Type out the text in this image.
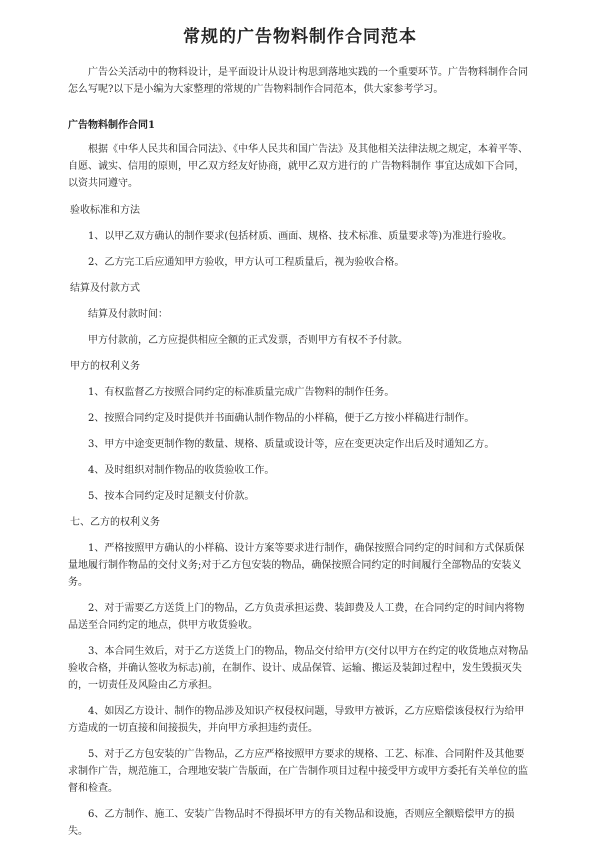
常规的广告物料制作合同范本

广告公关活动中的物料设计，是平面设计从设计构思到落地实践的一个重要环节。广告物料制作合同怎么写呢?以下是小编为大家整理的常规的广告物料制作合同范本，供大家参考学习。

广告物料制作合同1

根据《中华人民共和国合同法》、《中华人民共和国广告法》及其他相关法律法规之规定，本着平等、自愿、诚实、信用的原则，甲乙双方经友好协商，就甲乙双方进行的 广告物料制作 事宜达成如下合同，以资共同遵守。

验收标准和方法

1、以甲乙双方确认的制作要求(包括材质、画面、规格、技术标准、质量要求等)为准进行验收。

2、乙方完工后应通知甲方验收，甲方认可工程质量后，视为验收合格。

结算及付款方式

结算及付款时间：

甲方付款前，乙方应提供相应全额的正式发票，否则甲方有权不予付款。

甲方的权利义务

1、有权监督乙方按照合同约定的标准质量完成广告物料的制作任务。

2、按照合同约定及时提供并书面确认制作物品的小样稿，便于乙方按小样稿进行制作。

3、甲方中途变更制作物的数量、规格、质量或设计等，应在变更决定作出后及时通知乙方。

4、及时组织对制作物品的收货验收工作。

5、按本合同约定及时足额支付价款。

七、乙方的权利义务

1、严格按照甲方确认的小样稿、设计方案等要求进行制作，确保按照合同约定的时间和方式保质保量地履行制作物品的交付义务;对于乙方包安装的物品，确保按照合同约定的时间履行全部物品的安装义务。

2、对于需要乙方送货上门的物品，乙方负责承担运费、装卸费及人工费，在合同约定的时间内将物品送至合同约定的地点，供甲方收货验收。

3、本合同生效后，对于乙方送货上门的物品，物品交付给甲方(交付以甲方在约定的收货地点对物品验收合格，并确认签收为标志)前，在制作、设计、成品保管、运输、搬运及装卸过程中，发生毁损灭失的，一切责任及风险由乙方承担。

4、如因乙方设计、制作的物品涉及知识产权侵权问题，导致甲方被诉，乙方应赔偿该侵权行为给甲方造成的一切直接和间接损失，并向甲方承担违约责任。

5、对于乙方包安装的广告物品，乙方应严格按照甲方要求的规格、工艺、标准、合同附件及其他要求制作广告，规范施工，合理地安装广告版面，在广告制作项目过程中接受甲方或甲方委托有关单位的监督和检查。

6、乙方制作、施工、安装广告物品时不得损坏甲方的有关物品和设施，否则应全额赔偿甲方的损失。
